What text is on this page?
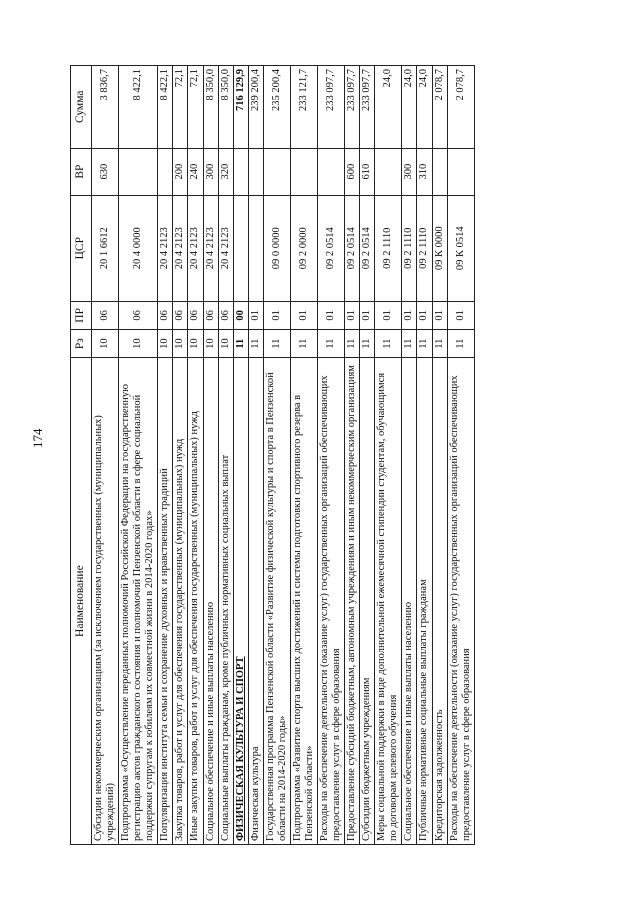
174
Наименование	Рз	ПР	ЦСР	ВР	Сумма
Субсидии некоммерческим организациям (за исключением государственных (муниципальных) учреждений)	10	06	20 1 6612	630	3 836,7
Подпрограмма «Осуществление переданных полномочий Российской Федерации на государственную регистрацию актов гражданского состояния и полномочий Пензенской области в сфере социальной поддержки супругам к юбилеям их совместной жизни в 2014-2020 годах»	10	06	20 4 0000		8 422,1
Популяризация института семьи и сохранение духовных и нравственных традиций	10	06	20 4 2123		8 422,1
Закупка товаров, работ и услуг для обеспечения государственных (муниципальных) нужд	10	06	20 4 2123	200	72,1
Иные закупки товаров, работ и услуг для обеспечения государственных (муниципальных) нужд	10	06	20 4 2123	240	72,1
Социальное обеспечение и иные выплаты населению	10	06	20 4 2123	300	8 350,0
Социальные выплаты гражданам, кроме публичных нормативных социальных выплат	10	06	20 4 2123	320	8 350,0
ФИЗИЧЕСКАЯ КУЛЬТУРА И СПОРТ	11	00			716 129,9
Физическая культура	11	01			239 200,4
Государственная программа Пензенской области «Развитие физической культуры и спорта в Пензенской области на 2014-2020 годы»	11	01	09 0 0000		235 200,4
Подпрограмма «Развитие спорта высших достижений и системы подготовки спортивного резерва в Пензенской области»	11	01	09 2 0000		233 121,7
Расходы на обеспечение деятельности (оказание услуг) государственных организаций обеспечивающих предоставление услуг в сфере образования	11	01	09 2 0514		233 097,7
Предоставление субсидий бюджетным, автономным учреждениям и иным некоммерческим организациям	11	01	09 2 0514	600	233 097,7
Субсидии бюджетным учреждениям	11	01	09 2 0514	610	233 097,7
Меры социальной поддержки в виде дополнительной ежемесячной стипендии студентам, обучающимся по договорам целевого обучения	11	01	09 2 1110		24,0
Социальное обеспечение и иные выплаты населению	11	01	09 2 1110	300	24,0
Публичные нормативные социальные выплаты гражданам	11	01	09 2 1110	310	24,0
Кредиторская задолженность	11	01	09 К 0000		2 078,7
Расходы на обеспечение деятельности (оказание услуг) государственных организаций обеспечивающих предоставление услуг в сфере образования	11	01	09 К 0514		2 078,7
